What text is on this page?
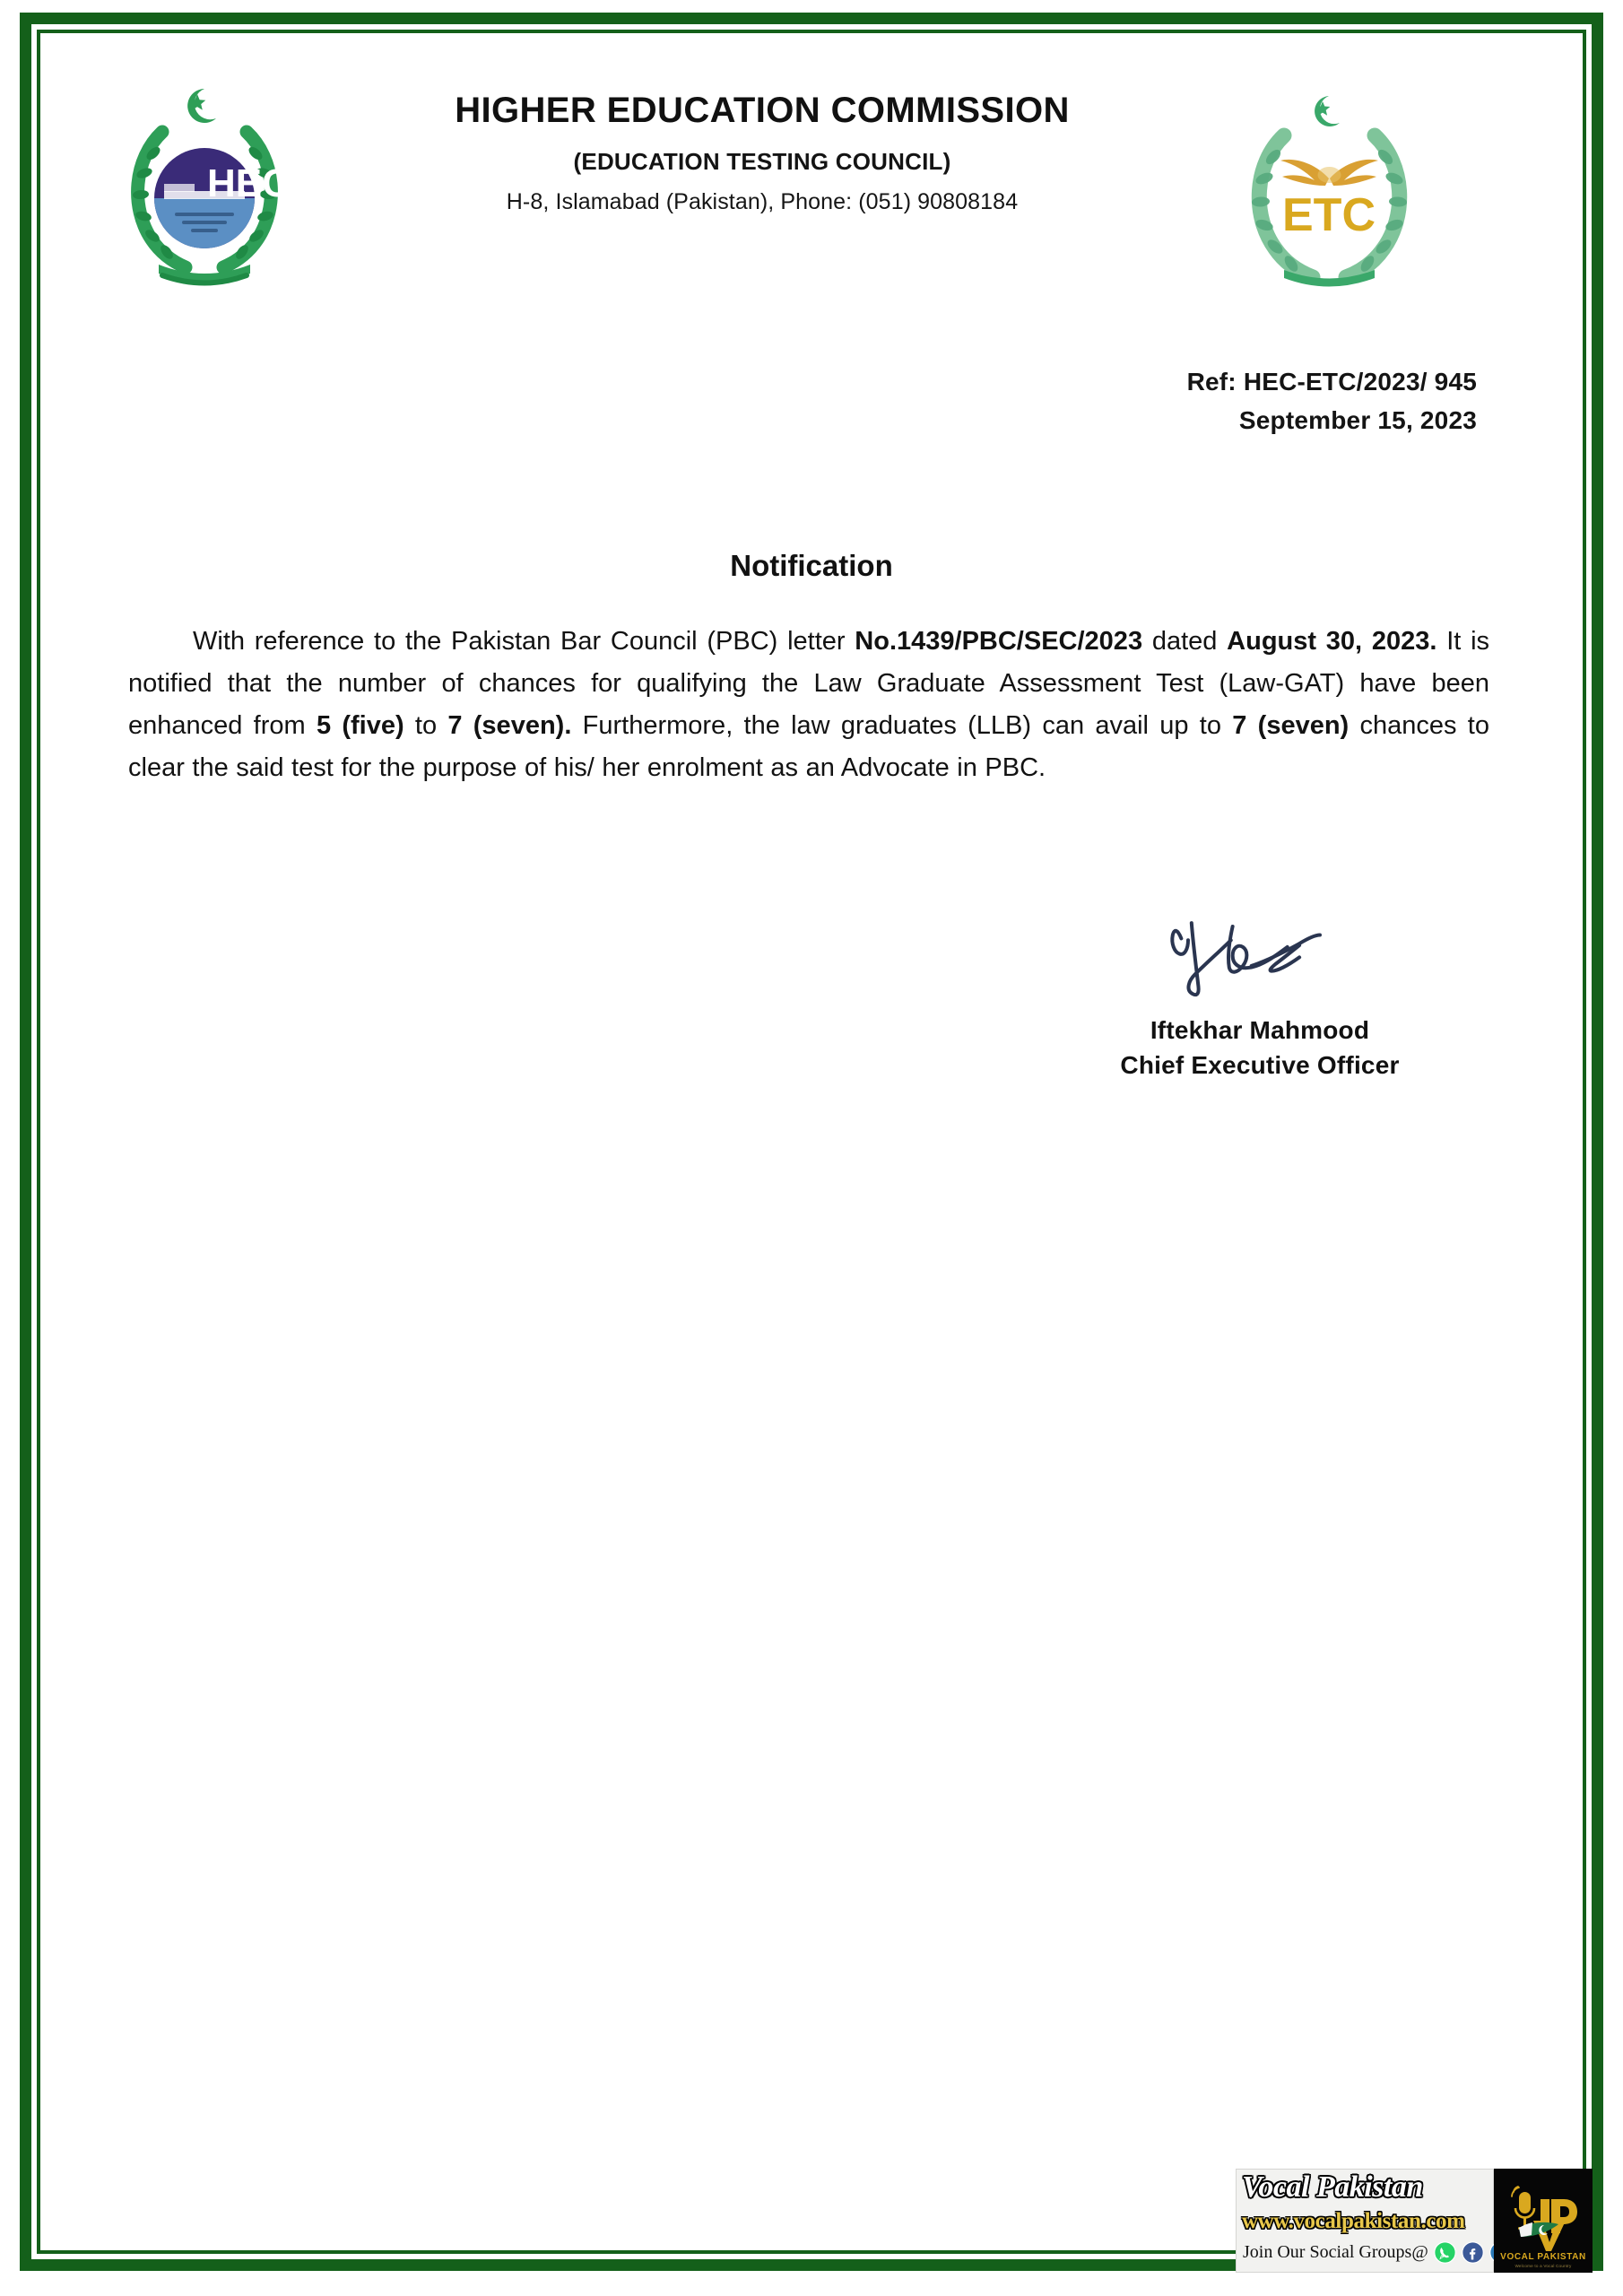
HEC
HIGHER EDUCATION COMMISSION
(EDUCATION TESTING COUNCIL)
H-8, Islamabad (Pakistan), Phone: (051) 90808184	ETC
Ref: HEC-ETC/2023/ 945
September 15, 2023
Notification
With reference to the Pakistan Bar Council (PBC) letter No.1439/PBC/SEC/2023 dated August 30, 2023. It is notified that the number of chances for qualifying the Law Graduate Assessment Test (Law-GAT) have been enhanced from 5 (five) to 7 (seven). Furthermore, the law graduates (LLB) can avail up to 7 (seven) chances to clear the said test for the purpose of his/ her enrolment as an Advocate in PBC.
Iftekhar Mahmood
Chief Executive Officer
Vocal Pakistan
www.vocalpakistan.com
Join Our Social Groups@	VOCAL PAKISTAN
Welcome to a Vocal Country
